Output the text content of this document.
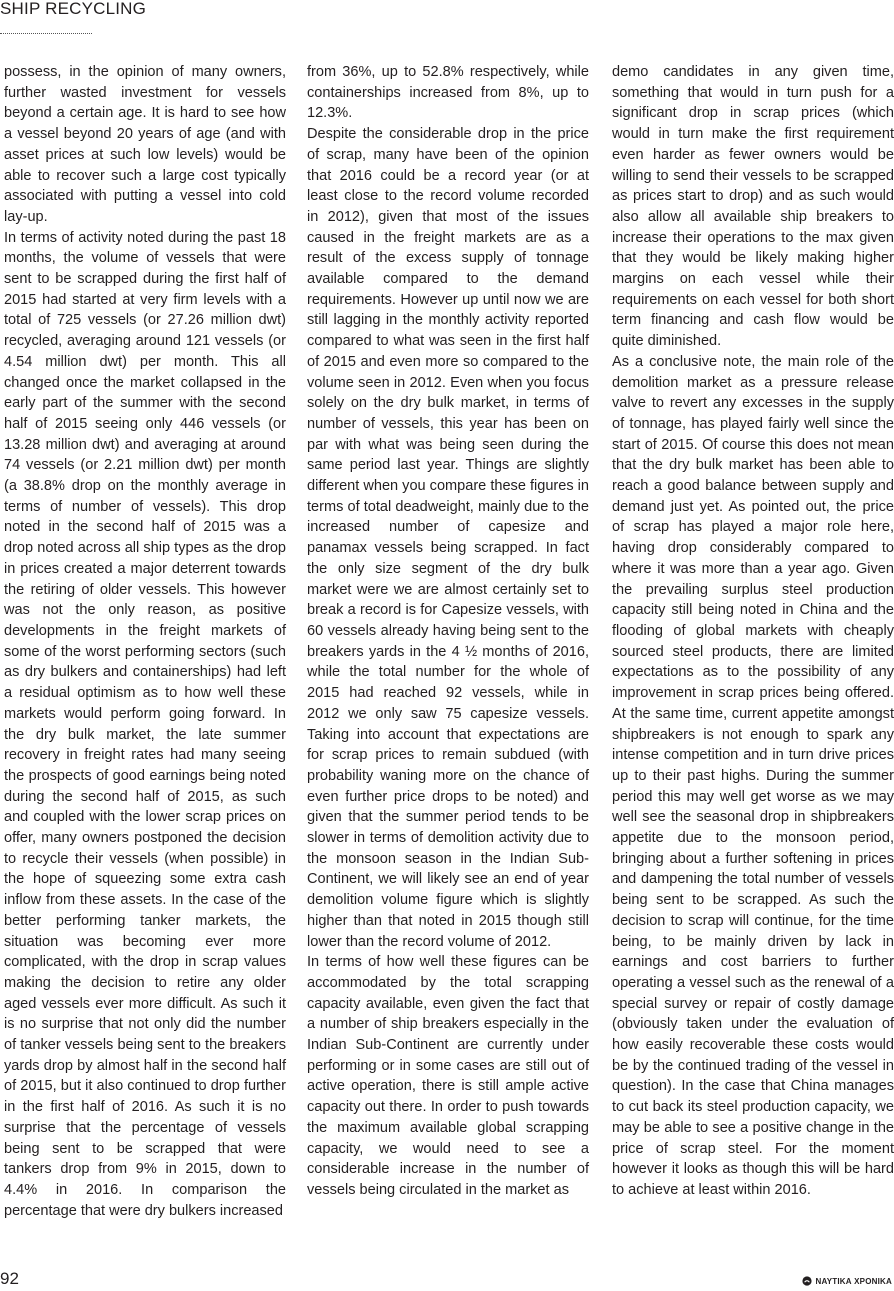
SHIP RECYCLING

possess, in the opinion of many owners, further wasted investment for vessels beyond a certain age. It is hard to see how a vessel beyond 20 years of age (and with asset prices at such low levels) would be able to recover such a large cost typically associated with putting a vessel into cold lay-up.

In terms of activity noted during the past 18 months, the volume of vessels that were sent to be scrapped during the first half of 2015 had started at very firm levels with a total of 725 vessels (or 27.26 million dwt) recycled, averaging around 121 vessels (or 4.54 million dwt) per month. This all changed once the market collapsed in the early part of the summer with the second half of 2015 seeing only 446 vessels (or 13.28 million dwt) and averaging at around 74 vessels (or 2.21 million dwt) per month (a 38.8% drop on the monthly average in terms of number of vessels). This drop noted in the second half of 2015 was a drop noted across all ship types as the drop in prices created a major deterrent towards the retiring of older vessels. This however was not the only reason, as positive developments in the freight markets of some of the worst performing sectors (such as dry bulkers and containerships) had left a residual optimism as to how well these markets would perform going forward. In the dry bulk market, the late summer recovery in freight rates had many seeing the prospects of good earnings being noted during the second half of 2015, as such and coupled with the lower scrap prices on offer, many owners postponed the decision to recycle their vessels (when possible) in the hope of squeezing some extra cash inflow from these assets. In the case of the better performing tanker markets, the situation was becoming ever more complicated, with the drop in scrap values making the decision to retire any older aged vessels ever more difficult. As such it is no surprise that not only did the number of tanker vessels being sent to the breakers yards drop by almost half in the second half of 2015, but it also continued to drop further in the first half of 2016. As such it is no surprise that the percentage of vessels being sent to be scrapped that were tankers drop from 9% in 2015, down to 4.4% in 2016. In comparison the percentage that were dry bulkers increased

from 36%, up to 52.8% respectively, while containerships increased from 8%, up to 12.3%.

Despite the considerable drop in the price of scrap, many have been of the opinion that 2016 could be a record year (or at least close to the record volume recorded in 2012), given that most of the issues caused in the freight markets are as a result of the excess supply of tonnage available compared to the demand requirements. However up until now we are still lagging in the monthly activity reported compared to what was seen in the first half of 2015 and even more so compared to the volume seen in 2012. Even when you focus solely on the dry bulk market, in terms of number of vessels, this year has been on par with what was being seen during the same period last year. Things are slightly different when you compare these figures in terms of total deadweight, mainly due to the increased number of capesize and panamax vessels being scrapped. In fact the only size segment of the dry bulk market were we are almost certainly set to break a record is for Capesize vessels, with 60 vessels already having being sent to the breakers yards in the 4 ½ months of 2016, while the total number for the whole of 2015 had reached 92 vessels, while in 2012 we only saw 75 capesize vessels. Taking into account that expectations are for scrap prices to remain subdued (with probability waning more on the chance of even further price drops to be noted) and given that the summer period tends to be slower in terms of demolition activity due to the monsoon season in the Indian Sub-Continent, we will likely see an end of year demolition volume figure which is slightly higher than that noted in 2015 though still lower than the record volume of 2012.

In terms of how well these figures can be accommodated by the total scrapping capacity available, even given the fact that a number of ship breakers especially in the Indian Sub-Continent are currently under performing or in some cases are still out of active operation, there is still ample active capacity out there. In order to push towards the maximum available global scrapping capacity, we would need to see a considerable increase in the number of vessels being circulated in the market as

demo candidates in any given time, something that would in turn push for a significant drop in scrap prices (which would in turn make the first requirement even harder as fewer owners would be willing to send their vessels to be scrapped as prices start to drop) and as such would also allow all available ship breakers to increase their operations to the max given that they would be likely making higher margins on each vessel while their requirements on each vessel for both short term financing and cash flow would be quite diminished.

As a conclusive note, the main role of the demolition market as a pressure release valve to revert any excesses in the supply of tonnage, has played fairly well since the start of 2015. Of course this does not mean that the dry bulk market has been able to reach a good balance between supply and demand just yet. As pointed out, the price of scrap has played a major role here, having drop considerably compared to where it was more than a year ago. Given the prevailing surplus steel production capacity still being noted in China and the flooding of global markets with cheaply sourced steel products, there are limited expectations as to the possibility of any improvement in scrap prices being offered. At the same time, current appetite amongst shipbreakers is not enough to spark any intense competition and in turn drive prices up to their past highs. During the summer period this may well get worse as we may well see the seasonal drop in shipbreakers appetite due to the monsoon period, bringing about a further softening in prices and dampening the total number of vessels being sent to be scrapped. As such the decision to scrap will continue, for the time being, to be mainly driven by lack in earnings and cost barriers to further operating a vessel such as the renewal of a special survey or repair of costly damage (obviously taken under the evaluation of how easily recoverable these costs would be by the continued trading of the vessel in question). In the case that China manages to cut back its steel production capacity, we may be able to see a positive change in the price of scrap steel. For the moment however it looks as though this will be hard to achieve at least within 2016.

92	ΝΑΥΤΙΚΑ ΧΡΟΝΙΚΑ
